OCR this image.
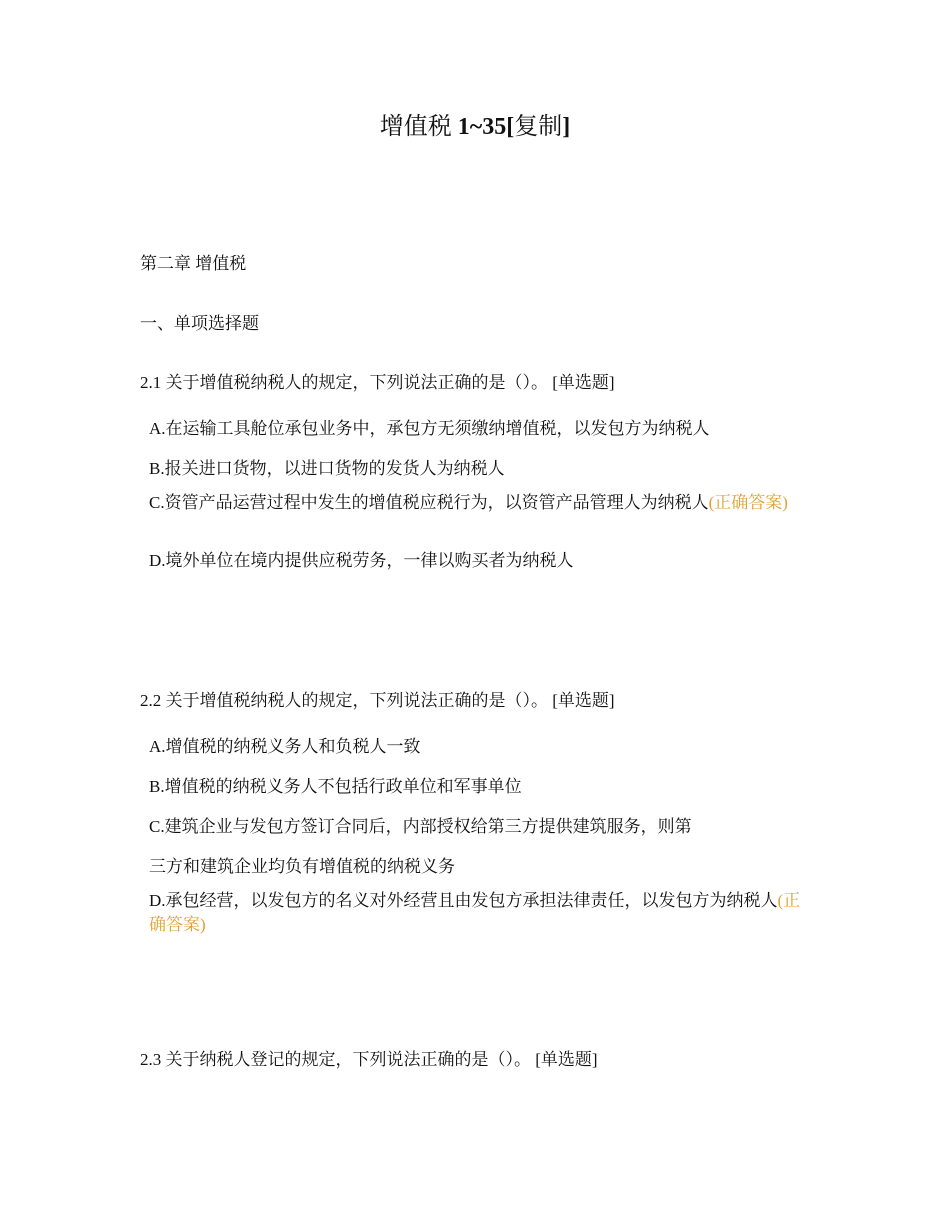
增值税 1~35[复制]
第二章 增值税
一、单项选择题
2.1 关于增值税纳税人的规定，下列说法正确的是（）。 [单选题]
A.在运输工具舱位承包业务中，承包方无须缴纳增值税，以发包方为纳税人
B.报关进口货物，以进口货物的发货人为纳税人
C.资管产品运营过程中发生的增值税应税行为，以资管产品管理人为纳税人(正确答案)
D.境外单位在境内提供应税劳务，一律以购买者为纳税人
2.2 关于增值税纳税人的规定，下列说法正确的是（）。 [单选题]
A.增值税的纳税义务人和负税人一致
B.增值税的纳税义务人不包括行政单位和军事单位
C.建筑企业与发包方签订合同后，内部授权给第三方提供建筑服务，则第
三方和建筑企业均负有增值税的纳税义务
D.承包经营，以发包方的名义对外经营且由发包方承担法律责任，以发包方为纳税人(正确答案)
2.3 关于纳税人登记的规定，下列说法正确的是（）。 [单选题]
